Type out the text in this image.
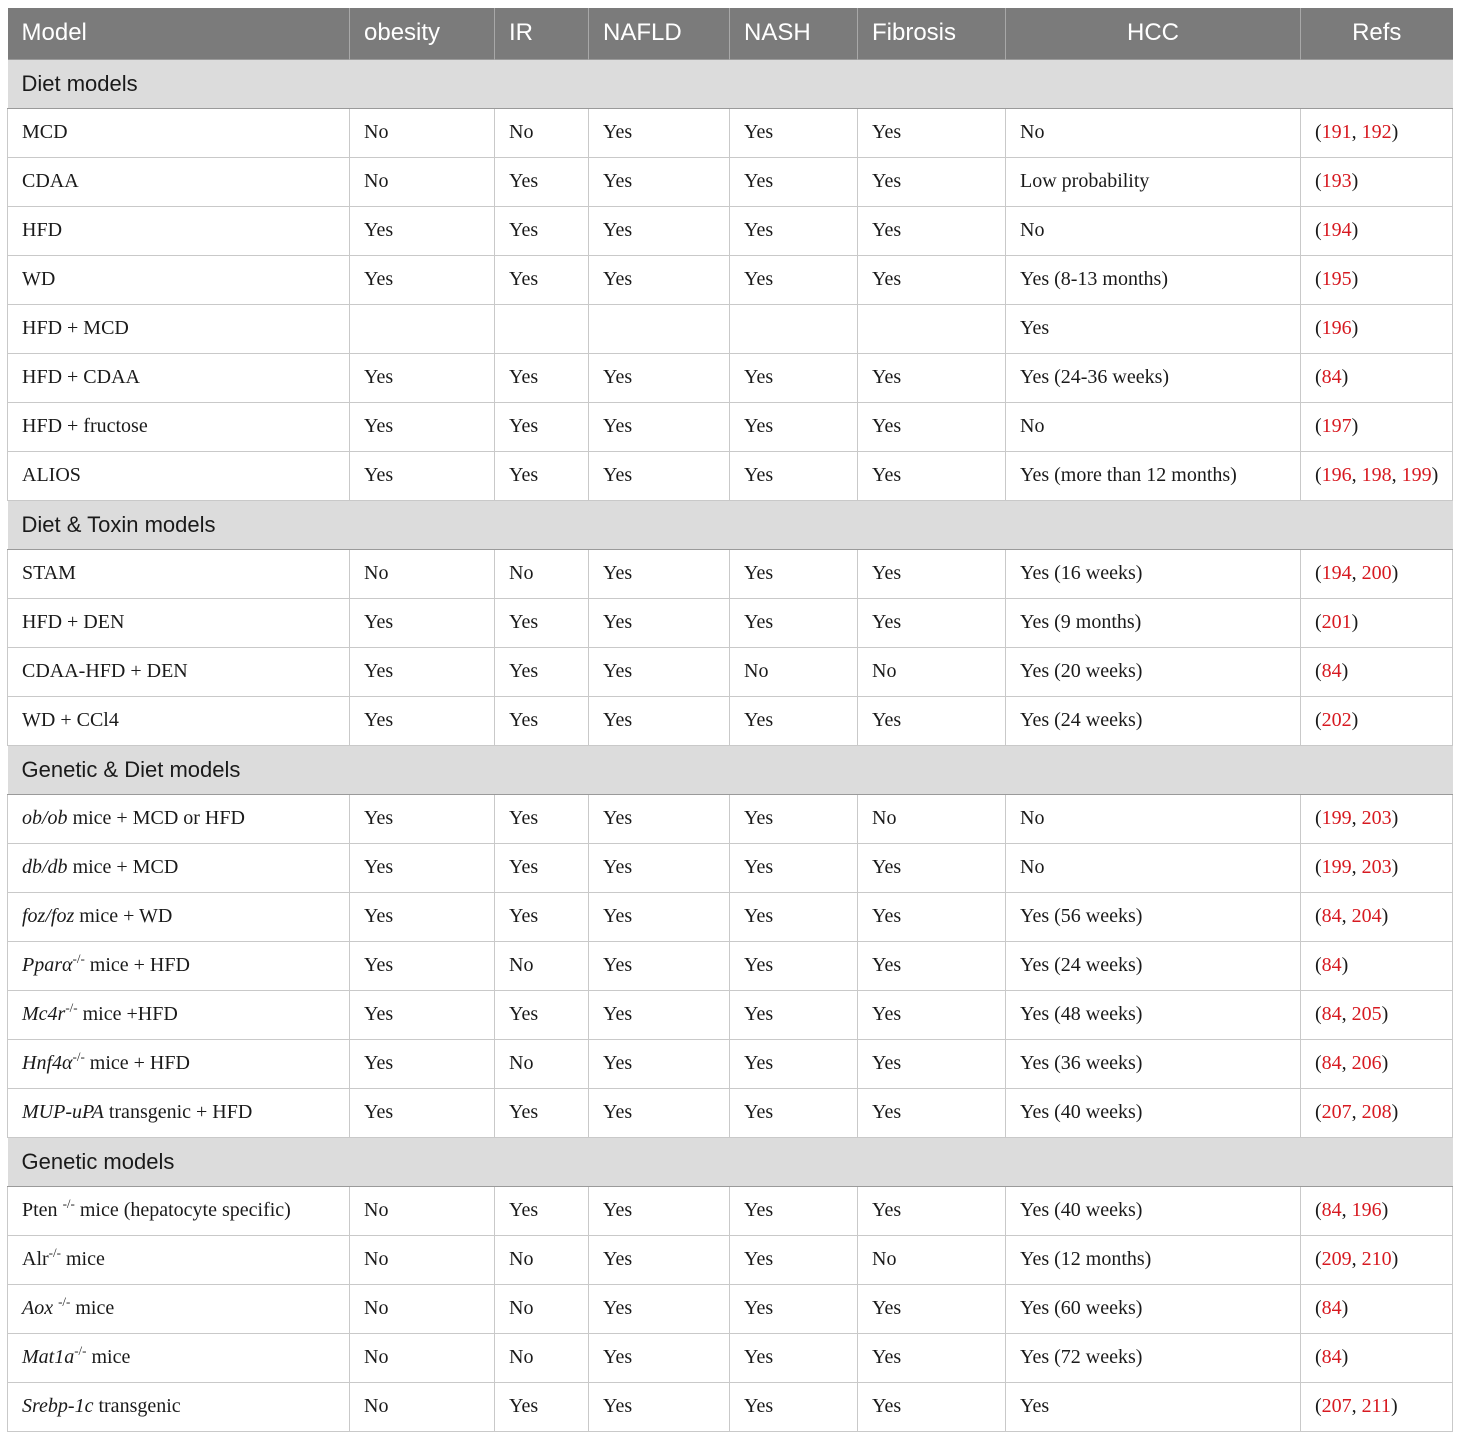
Model	obesity	IR	NAFLD	NASH	Fibrosis	HCC	Refs
Diet models							
MCD	No	No	Yes	Yes	Yes	No	(191, 192)
CDAA	No	Yes	Yes	Yes	Yes	Low probability	(193)
HFD	Yes	Yes	Yes	Yes	Yes	No	(194)
WD	Yes	Yes	Yes	Yes	Yes	Yes (8-13 months)	(195)
HFD + MCD						Yes	(196)
HFD + CDAA	Yes	Yes	Yes	Yes	Yes	Yes (24-36 weeks)	(84)
HFD + fructose	Yes	Yes	Yes	Yes	Yes	No	(197)
ALIOS	Yes	Yes	Yes	Yes	Yes	Yes (more than 12 months)	(196, 198, 199)
Diet & Toxin models							
STAM	No	No	Yes	Yes	Yes	Yes (16 weeks)	(194, 200)
HFD + DEN	Yes	Yes	Yes	Yes	Yes	Yes (9 months)	(201)
CDAA-HFD + DEN	Yes	Yes	Yes	No	No	Yes (20 weeks)	(84)
WD + CCl4	Yes	Yes	Yes	Yes	Yes	Yes (24 weeks)	(202)
Genetic & Diet models							
ob/ob mice + MCD or HFD	Yes	Yes	Yes	Yes	No	No	(199, 203)
db/db mice + MCD	Yes	Yes	Yes	Yes	Yes	No	(199, 203)
foz/foz mice + WD	Yes	Yes	Yes	Yes	Yes	Yes (56 weeks)	(84, 204)
Pparα-/- mice + HFD	Yes	No	Yes	Yes	Yes	Yes (24 weeks)	(84)
Mc4r-/- mice +HFD	Yes	Yes	Yes	Yes	Yes	Yes (48 weeks)	(84, 205)
Hnf4α-/- mice + HFD	Yes	No	Yes	Yes	Yes	Yes (36 weeks)	(84, 206)
MUP-uPA transgenic + HFD	Yes	Yes	Yes	Yes	Yes	Yes (40 weeks)	(207, 208)
Genetic models							
Pten -/- mice (hepatocyte specific)	No	Yes	Yes	Yes	Yes	Yes (40 weeks)	(84, 196)
Alr-/- mice	No	No	Yes	Yes	No	Yes (12 months)	(209, 210)
Aox -/- mice	No	No	Yes	Yes	Yes	Yes (60 weeks)	(84)
Mat1a-/- mice	No	No	Yes	Yes	Yes	Yes (72 weeks)	(84)
Srebp-1c transgenic	No	Yes	Yes	Yes	Yes	Yes	(207, 211)
